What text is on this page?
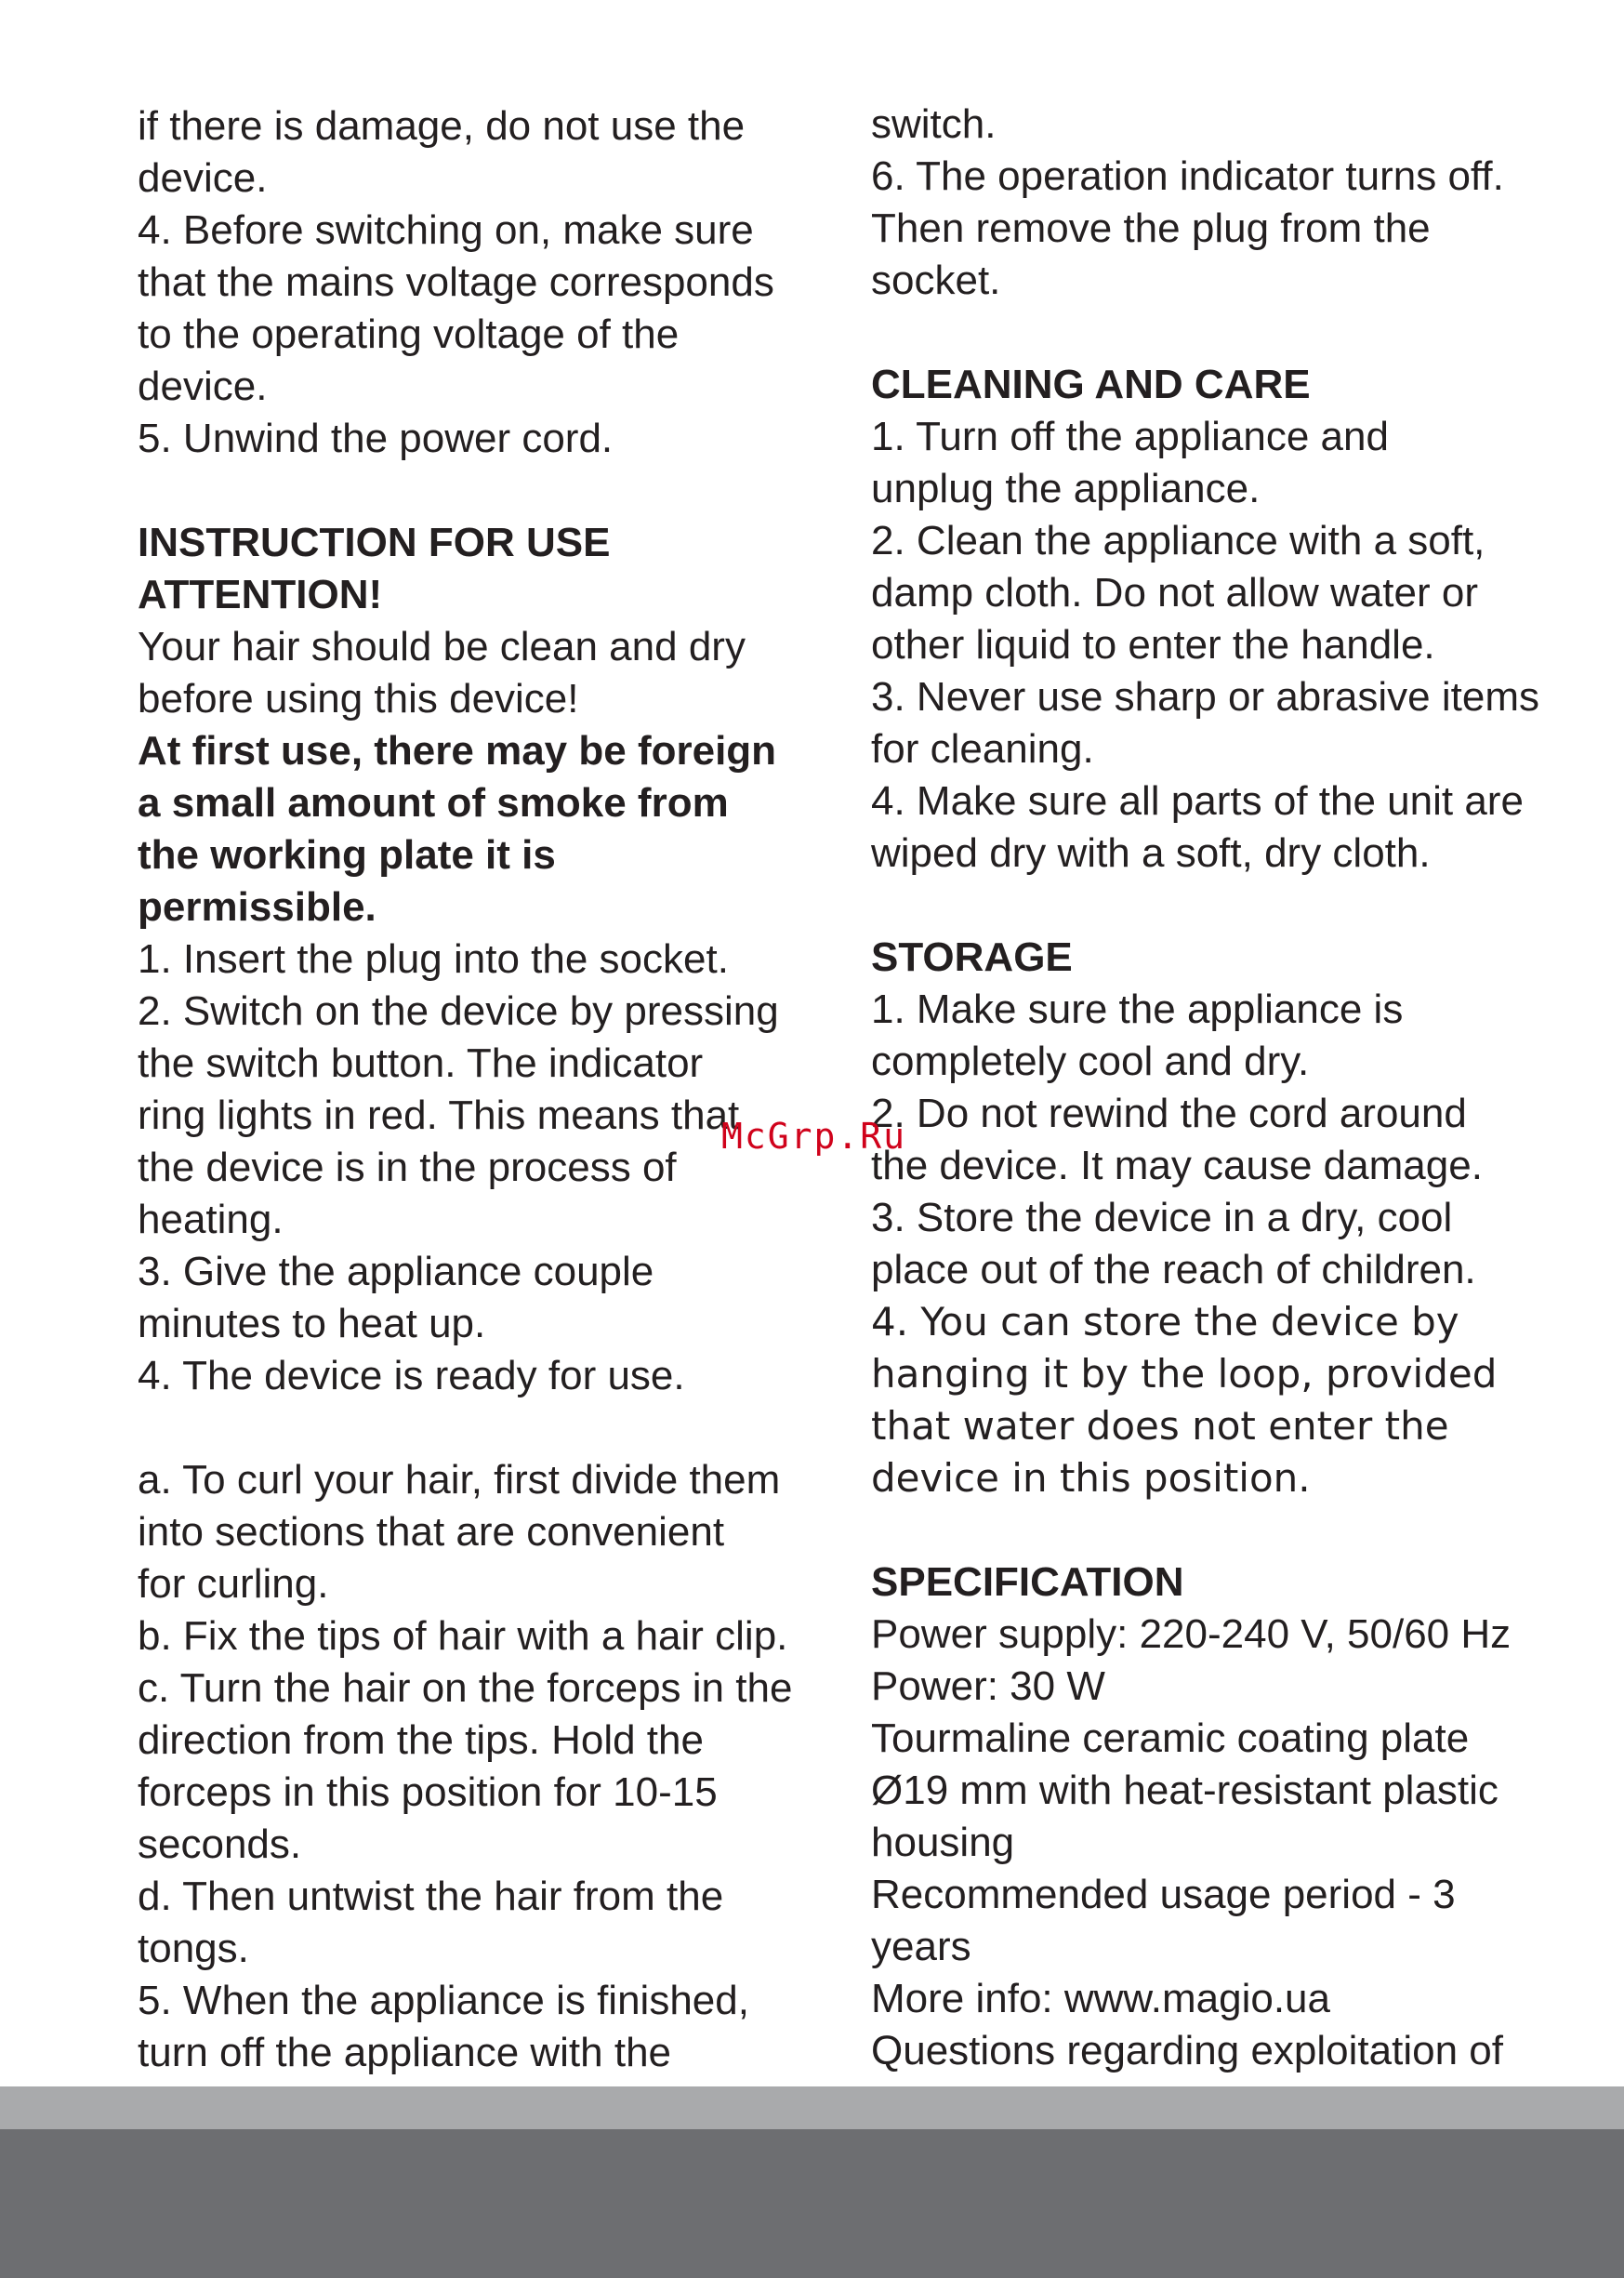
if there is damage, do not use the
device.
4. Before switching on, make sure
that the mains voltage corresponds
to the operating voltage of the
device.
5. Unwind the power cord.
INSTRUCTION FOR USE
ATTENTION!
Your hair should be clean and dry
before using this device!
At first use, there may be foreign
a small amount of smoke from
the working plate it is
permissible.
1. Insert the plug into the socket.
2. Switch on the device by pressing
the switch button. The indicator
ring lights in red. This means that
the device is in the process of
heating.
3. Give the appliance couple
minutes to heat up.
4. The device is ready for use.
a. To curl your hair, first divide them
into sections that are convenient
for curling.
b. Fix the tips of hair with a hair clip.
c. Turn the hair on the forceps in the
direction from the tips. Hold the
forceps in this position for 10-15
seconds.
d. Then untwist the hair from the
tongs.
5. When the appliance is finished,
turn off the appliance with the
switch.
6. The operation indicator turns off.
Then remove the plug from the
socket.
CLEANING AND CARE
1. Turn off the appliance and
unplug the appliance.
2. Clean the appliance with a soft,
damp cloth. Do not allow water or
other liquid to enter the handle.
3. Never use sharp or abrasive items
for cleaning.
4. Make sure all parts of the unit are
wiped dry with a soft, dry cloth.
STORAGE
1. Make sure the appliance is
completely cool and dry.
2. Do not rewind the cord around
the device. It may cause damage.
3. Store the device in a dry, cool
place out of the reach of children.
4. You can store the device by
hanging it by the loop, provided
that water does not enter the
device in this position.
SPECIFICATION
Power supply: 220-240 V, 50/60 Hz
Power: 30 W
Tourmaline ceramic coating plate
Ø19 mm with heat-resistant plastic
housing
Recommended usage period - 3
years
More info: www.magio.ua
Questions regarding exploitation of
McGrp.Ru
